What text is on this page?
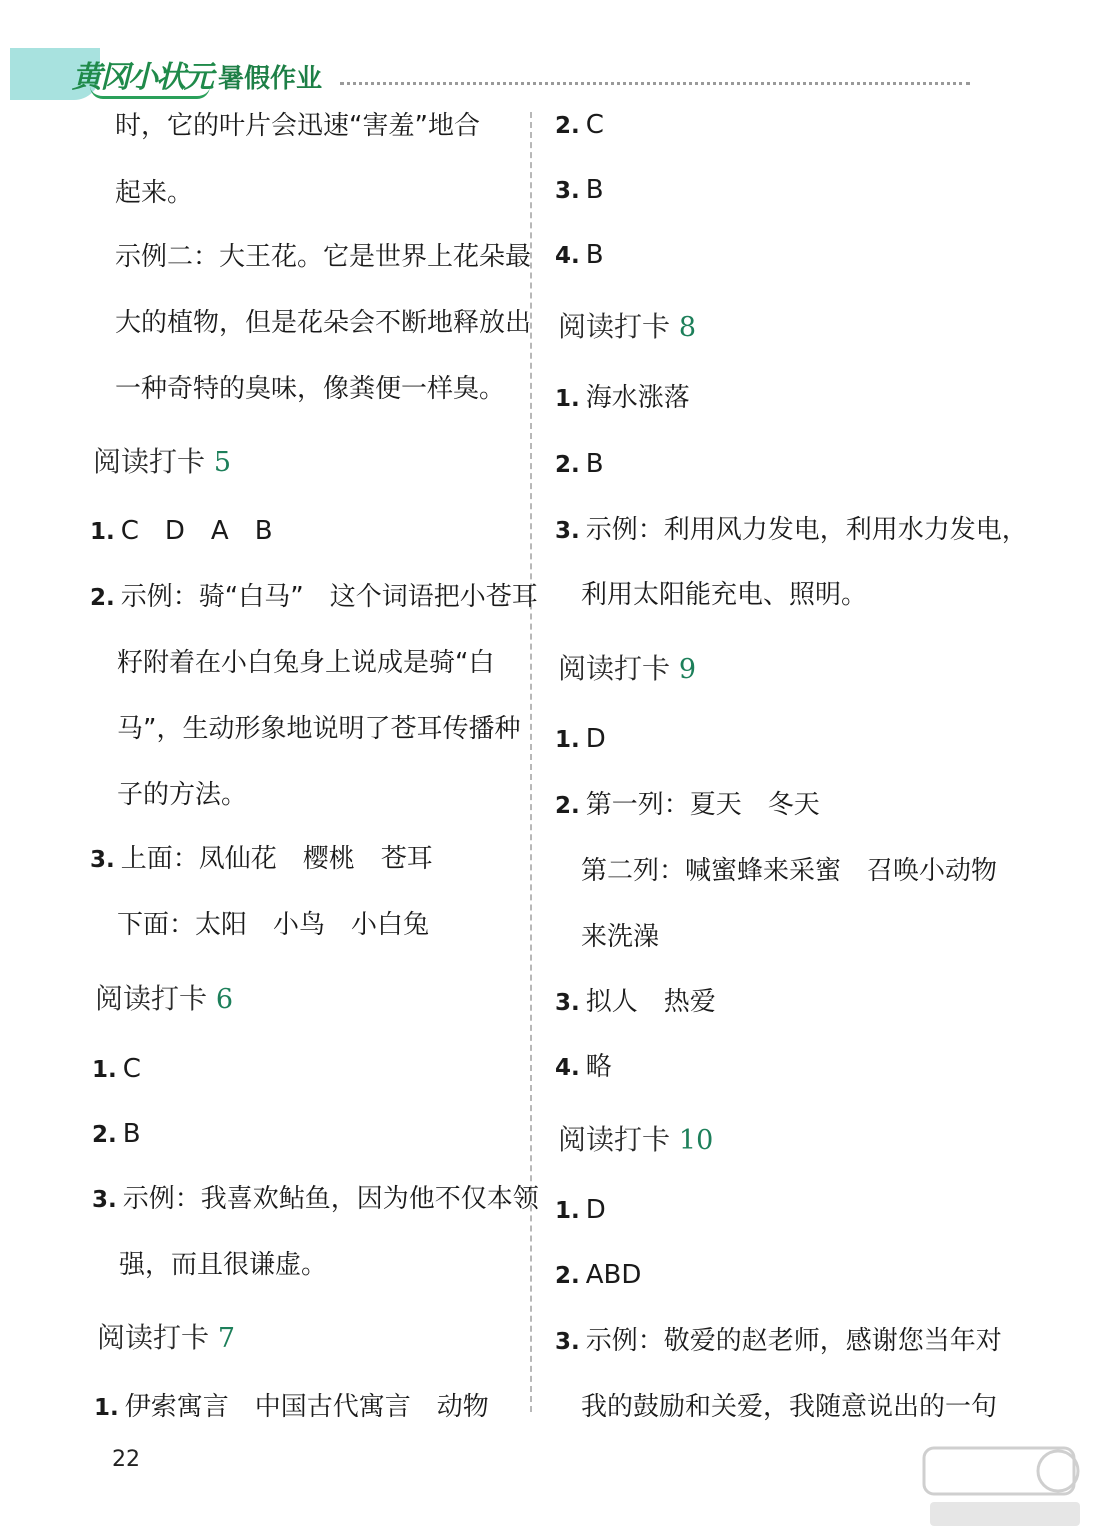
黄冈小状元 暑假作业
时，它的叶片会迅速“害羞”地合
起来。
示例二：大王花。它是世界上花朵最
大的植物，但是花朵会不断地释放出
一种奇特的臭味，像粪便一样臭。
阅读打卡 5
1. C　D　A　B
2. 示例：骑“白马”　这个词语把小苍耳
籽附着在小白兔身上说成是骑“白
马”，生动形象地说明了苍耳传播种
子的方法。
3. 上面：凤仙花　樱桃　苍耳
下面：太阳　小鸟　小白兔
阅读打卡 6
1. C
2. B
3. 示例：我喜欢鲇鱼，因为他不仅本领
强，而且很谦虚。
阅读打卡 7
1. 伊索寓言　中国古代寓言　动物
2. C
3. B
4. B
阅读打卡 8
1. 海水涨落
2. B
3. 示例：利用风力发电，利用水力发电，
利用太阳能充电、照明。
阅读打卡 9
1. D
2. 第一列：夏天　冬天
第二列：喊蜜蜂来采蜜　召唤小动物
来洗澡
3. 拟人　热爱
4. 略
阅读打卡 10
1. D
2. ABD
3. 示例：敬爱的赵老师，感谢您当年对
我的鼓励和关爱，我随意说出的一句
22
